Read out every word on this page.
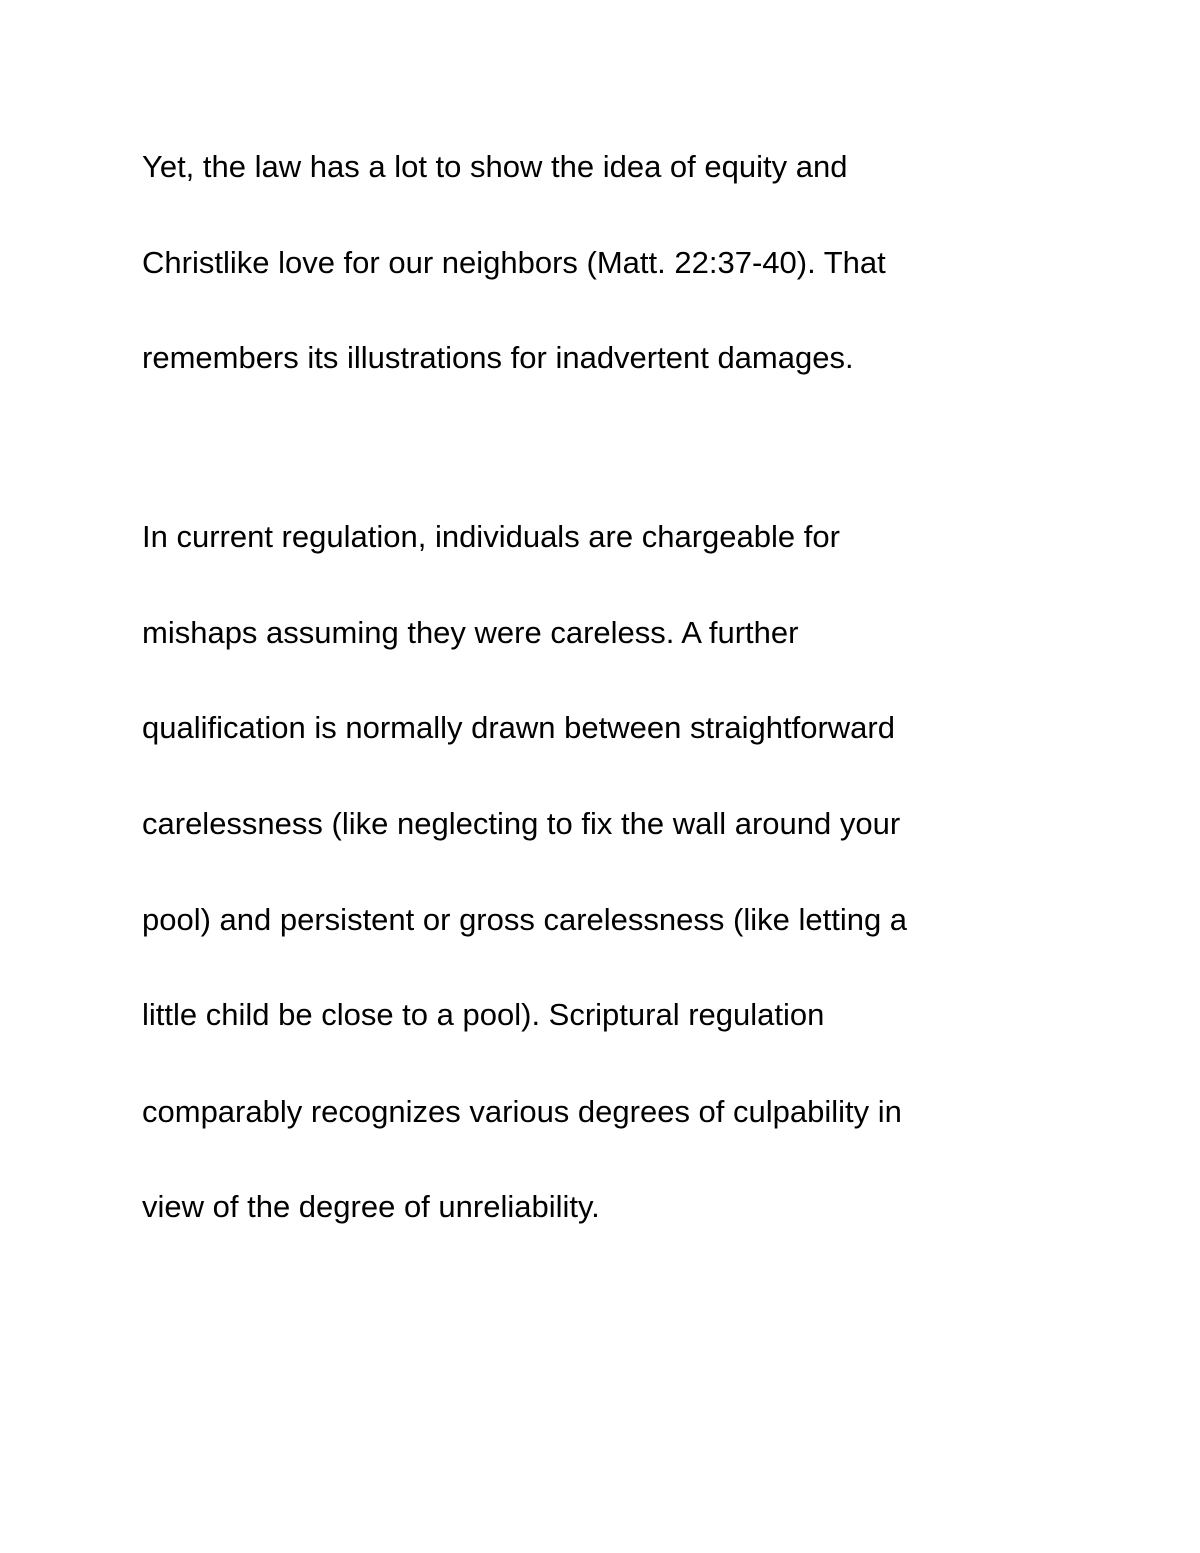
Yet, the law has a lot to show the idea of equity and
Christlike love for our neighbors (Matt. 22:37-40). That
remembers its illustrations for inadvertent damages.
In current regulation, individuals are chargeable for
mishaps assuming they were careless. A further
qualification is normally drawn between straightforward
carelessness (like neglecting to fix the wall around your
pool) and persistent or gross carelessness (like letting a
little child be close to a pool). Scriptural regulation
comparably recognizes various degrees of culpability in
view of the degree of unreliability.
